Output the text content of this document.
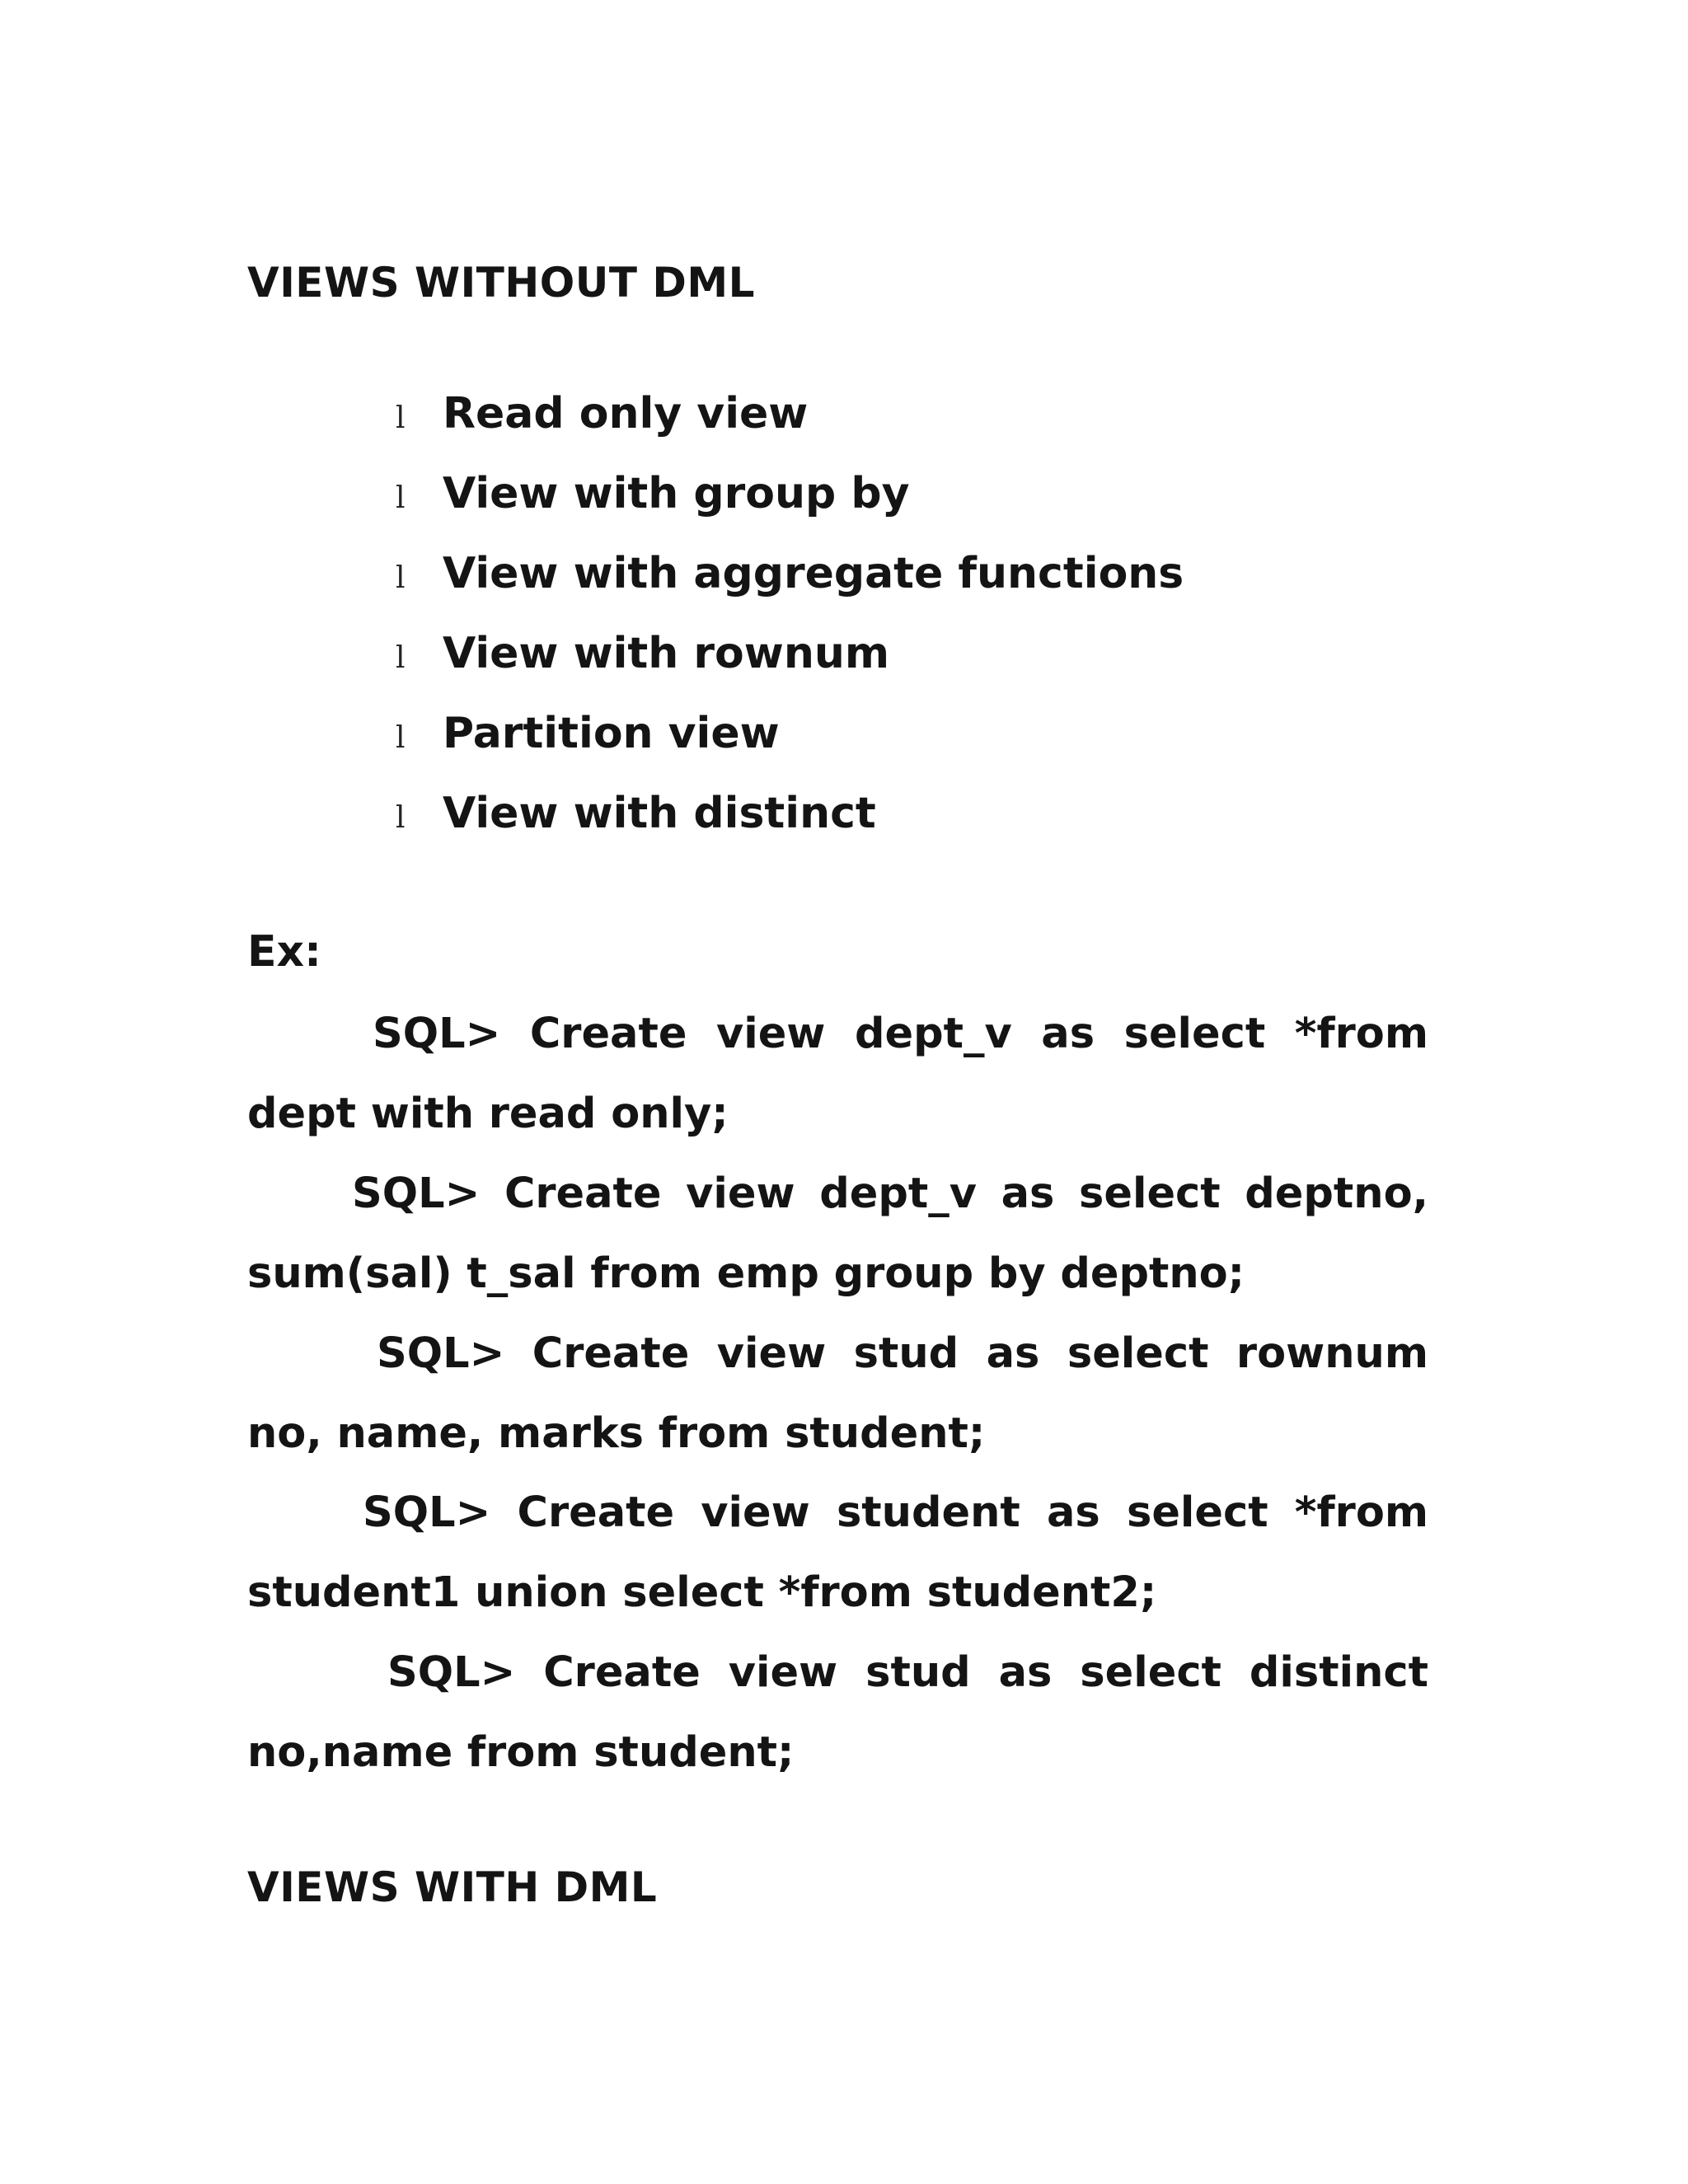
VIEWS WITHOUT DML
l Read only view
l View with group by
l View with aggregate functions
l View with rownum
l Partition view
l View with distinct
Ex:
SQL> Create view dept_v as select *from
dept with read only;
SQL> Create view dept_v as select deptno,
sum(sal) t_sal from emp group by deptno;
SQL> Create view stud as select rownum
no, name, marks from student;
SQL> Create view student as select *from
student1 union select *from student2;
SQL> Create view stud as select distinct
no,name from student;
VIEWS WITH DML
